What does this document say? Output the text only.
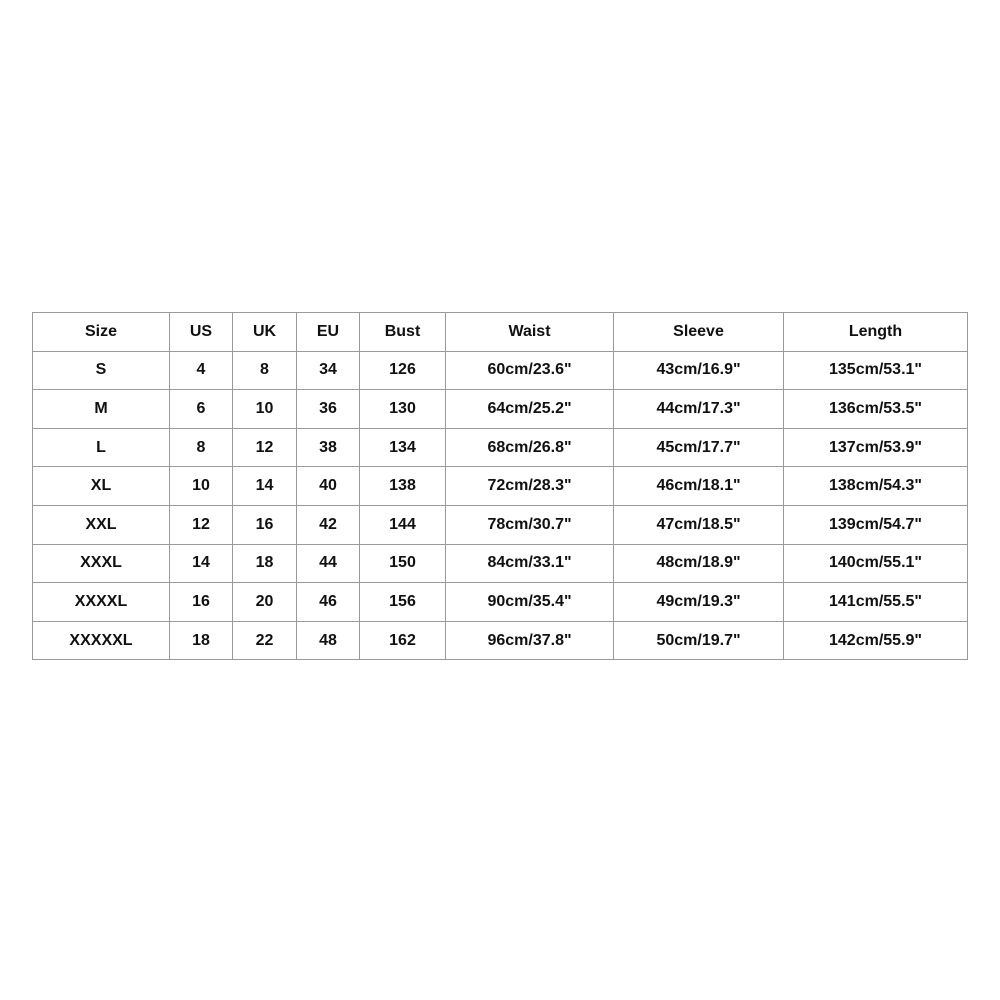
Size	US	UK	EU	Bust	Waist	Sleeve	Length
S	4	8	34	126	60cm/23.6"	43cm/16.9"	135cm/53.1"
M	6	10	36	130	64cm/25.2"	44cm/17.3"	136cm/53.5"
L	8	12	38	134	68cm/26.8"	45cm/17.7"	137cm/53.9"
XL	10	14	40	138	72cm/28.3"	46cm/18.1"	138cm/54.3"
XXL	12	16	42	144	78cm/30.7"	47cm/18.5"	139cm/54.7"
XXXL	14	18	44	150	84cm/33.1"	48cm/18.9"	140cm/55.1"
XXXXL	16	20	46	156	90cm/35.4"	49cm/19.3"	141cm/55.5"
XXXXXL	18	22	48	162	96cm/37.8"	50cm/19.7"	142cm/55.9"
